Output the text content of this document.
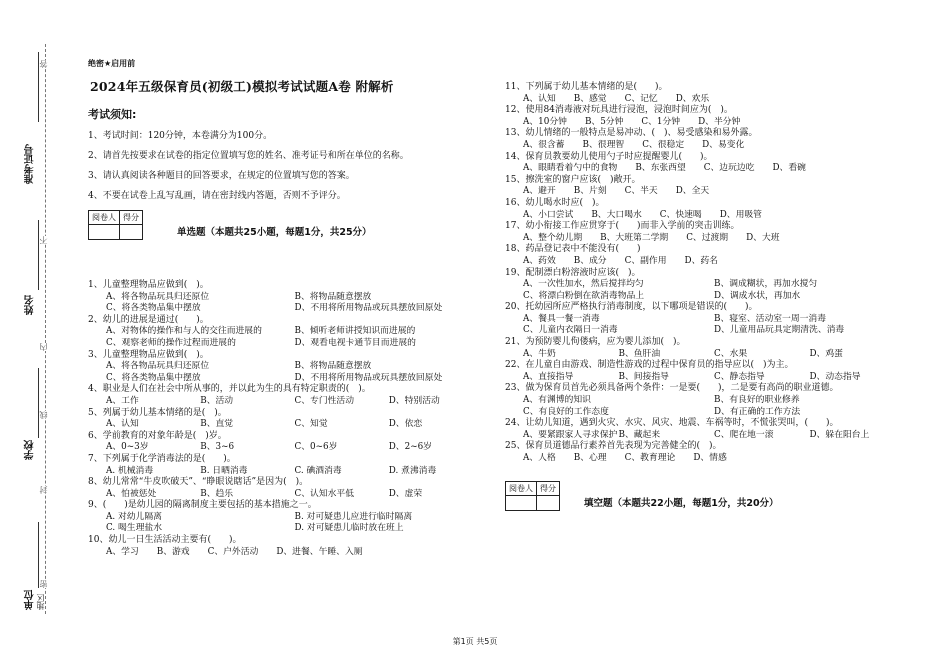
答
不
内
线
封
密
准考证号
姓名
学校
单位 地区
绝密★启用前
2024年五级保育员(初级工)模拟考试试题A卷 附解析
考试须知:
1、考试时间：120分钟，本卷满分为100分。
2、请首先按要求在试卷的指定位置填写您的姓名、准考证号和所在单位的名称。
3、请认真阅读各种题目的回答要求，在规定的位置填写您的答案。
4、不要在试卷上乱写乱画，请在密封线内答题，否则不予评分。
阅卷人	得分

单选题（本题共25小题，每题1分，共25分）
1、儿童整理物品应做到(　)。
A、将各物品玩具归还原位	B、将物品随意摆放
C、将各类物品集中摆放	D、不用将所用物品或玩具摆放回原处
2、幼儿的进展是通过(　　)。
A、对物体的操作和与人的交往而进展的	B、倾听老师讲授知识而进展的
C、观察老师的操作过程而进展的	D、观看电视卡通节目而进展的
3、儿童整理物品应做到(　)。
A、将各物品玩具归还原位	B、将物品随意摆放
C、将各类物品集中摆放	D、不用将所用物品或玩具摆放回原处
4、职业是人们在社会中所从事的，并以此为生的具有特定职责的(　)。
A、工作	B、活动	C、专门性活动	D、特别活动
5、列属于幼儿基本情绪的是(　)。
A、认知	B、直觉	C、知觉	D、依恋
6、学前教育的对象年龄是(　)岁。
A、0~3岁	B、3~6	C、0~6岁	D、2~6岁
7、下列属于化学消毒法的是(　　)。
A. 机械消毒	B. 日晒消毒	C. 碘酒消毒	D. 煮沸消毒
8、幼儿常常“牛皮吹破天”、“睁眼说瞎话”是因为(　)。
A、怕被惩处	B、趋乐	C、认知水平低	D、虚荣
9、(　　)是幼儿园的隔离制度主要包括的基本措施之一。
A. 对幼儿隔离	B. 对可疑患儿应进行临时隔离
C. 喝生理盐水	D. 对可疑患儿临时放在班上
10、幼儿一日生活活动主要有(　　)。
A、学习	B、游戏	C、户外活动	D、进餐、午睡、入厕
11、下列属于幼儿基本情绪的是(　　)。
A、认知	B、感觉	C、记忆	D、欢乐
12、使用84消毒液对玩具进行浸泡，浸泡时间应为(　)。
A、10分钟	B、5分钟	C、1分钟	D、半分钟
13、幼儿情绪的一般特点是易冲动、(　)、易受感染和易外露。
A、很含蓄	B、很理智	C、很稳定	D、易变化
14、保育员教要幼儿使用勺子时应提醒婴儿(　　)。
A、眼睛看着勺中的食物	B、东张西望	C、边玩边吃	D、看碗
15、擦洗室的窗户应该(　)敞开。
A、避开	B、片刻	C、半天	D、全天
16、幼儿喝水时应(　)。
A、小口尝试	B、大口喝水	C、快速喝	D、用吸管
17、幼小衔接工作应贯穿于(　　)而非入学前的突击训练。
A、整个幼儿期	B、大班第二学期	C、过渡期	D、大班
18、药品登记表中不能没有(　　)
A、药效	B、成分	C、副作用	D、药名
19、配制漂白粉溶液时应该(　)。
A、一次性加水，然后搅拌均匀	B、调成糊状，再加水搅匀
C、将漂白粉倒在欲消毒物品上	D、调成水状，再加水
20、托幼园所应严格执行消毒制度，以下哪项是错误的(　　)。
A、餐具一餐一消毒	B、寝室、活动室一周一消毒
C、儿童内衣隔日一消毒	D、儿童用品玩具定期清洗、消毒
21、为预防婴儿佝偻病，应为婴儿添加(　)。
A、牛奶	B、鱼肝油	C、水果	D、鸡蛋
22、在儿童自由游戏、制造性游戏的过程中保育员的指导应以(　)为主。
A、直接指导	B、间接指导	C、静态指导	D、动态指导
23、做为保育员首先必须具备两个条件：一是要(　　)，二是要有高尚的职业道德。
A、有渊博的知识	B、有良好的职业修养
C、有良好的工作态度	D、有正确的工作方法
24、让幼儿知道，遇到火灾、水灾、风灾、地震、车祸等时，不慌张哭叫，(　　)。
A、要紧跟家人寻求保护 B、藏起来	C、爬在地一滚	D、躲在阳台上
25、保育员道德品行素养首先表现为完善健全的(　)。
A、人格	B、心理	C、教育理论	D、情感
阅卷人	得分

填空题（本题共22小题，每题1分，共20分）
第1页 共5页
